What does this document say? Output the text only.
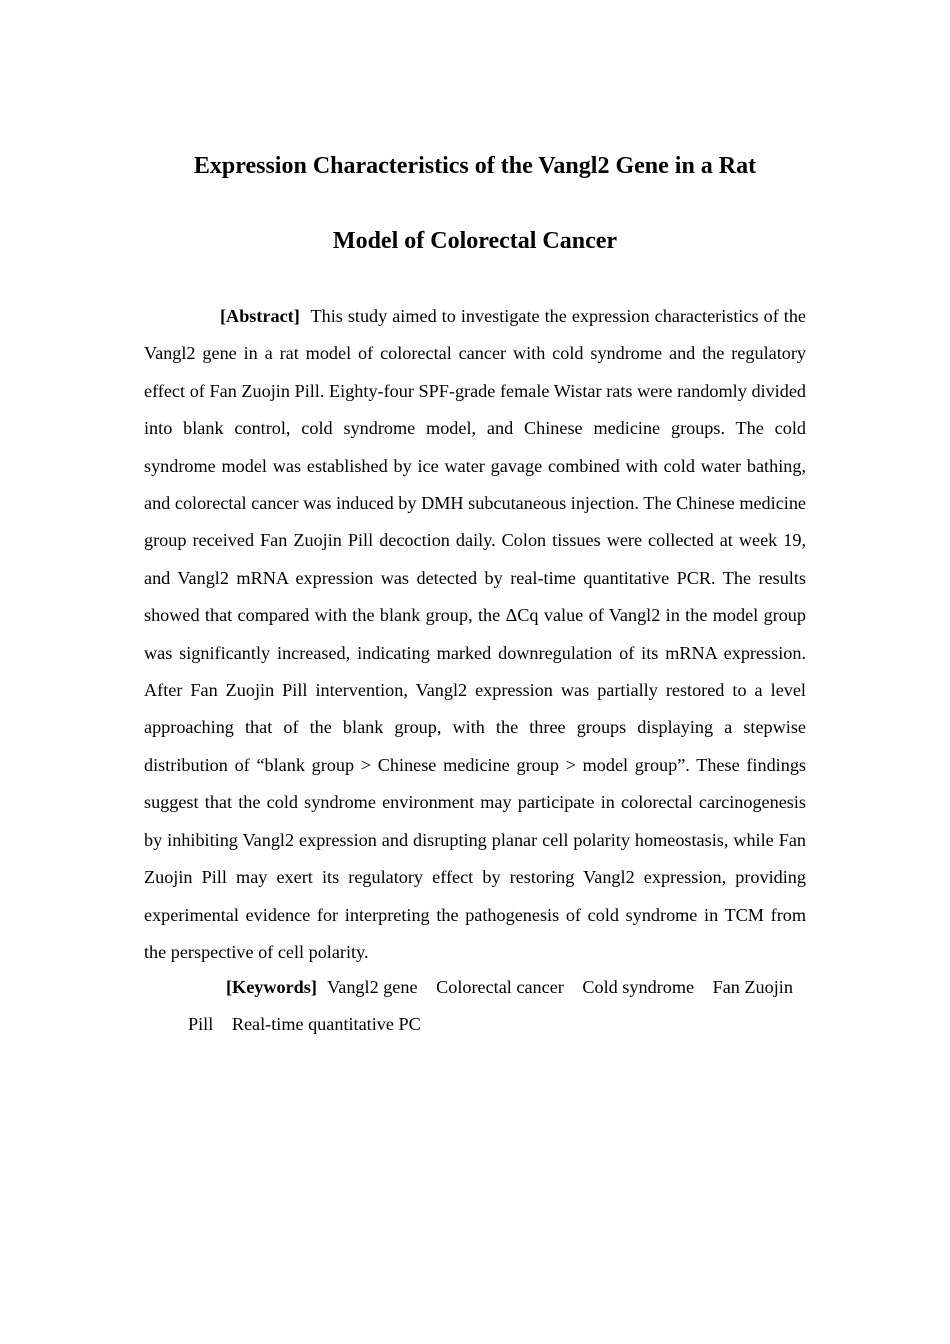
Expression Characteristics of the Vangl2 Gene in a Rat
Model of Colorectal Cancer

[Abstract] This study aimed to investigate the expression characteristics of the Vangl2 gene in a rat model of colorectal cancer with cold syndrome and the regulatory effect of Fan Zuojin Pill. Eighty-four SPF-grade female Wistar rats were randomly divided into blank control, cold syndrome model, and Chinese medicine groups. The cold syndrome model was established by ice water gavage combined with cold water bathing, and colorectal cancer was induced by DMH subcutaneous injection. The Chinese medicine group received Fan Zuojin Pill decoction daily. Colon tissues were collected at week 19, and Vangl2 mRNA expression was detected by real-time quantitative PCR. The results showed that compared with the blank group, the ΔCq value of Vangl2 in the model group was significantly increased, indicating marked downregulation of its mRNA expression. After Fan Zuojin Pill intervention, Vangl2 expression was partially restored to a level approaching that of the blank group, with the three groups displaying a stepwise distribution of “blank group > Chinese medicine group > model group”. These findings suggest that the cold syndrome environment may participate in colorectal carcinogenesis by inhibiting Vangl2 expression and disrupting planar cell polarity homeostasis, while Fan Zuojin Pill may exert its regulatory effect by restoring Vangl2 expression, providing experimental evidence for interpreting the pathogenesis of cold syndrome in TCM from the perspective of cell polarity.

[Keywords] Vangl2 gene Colorectal cancer Cold syndrome Fan Zuojin Pill Real-time quantitative PC
